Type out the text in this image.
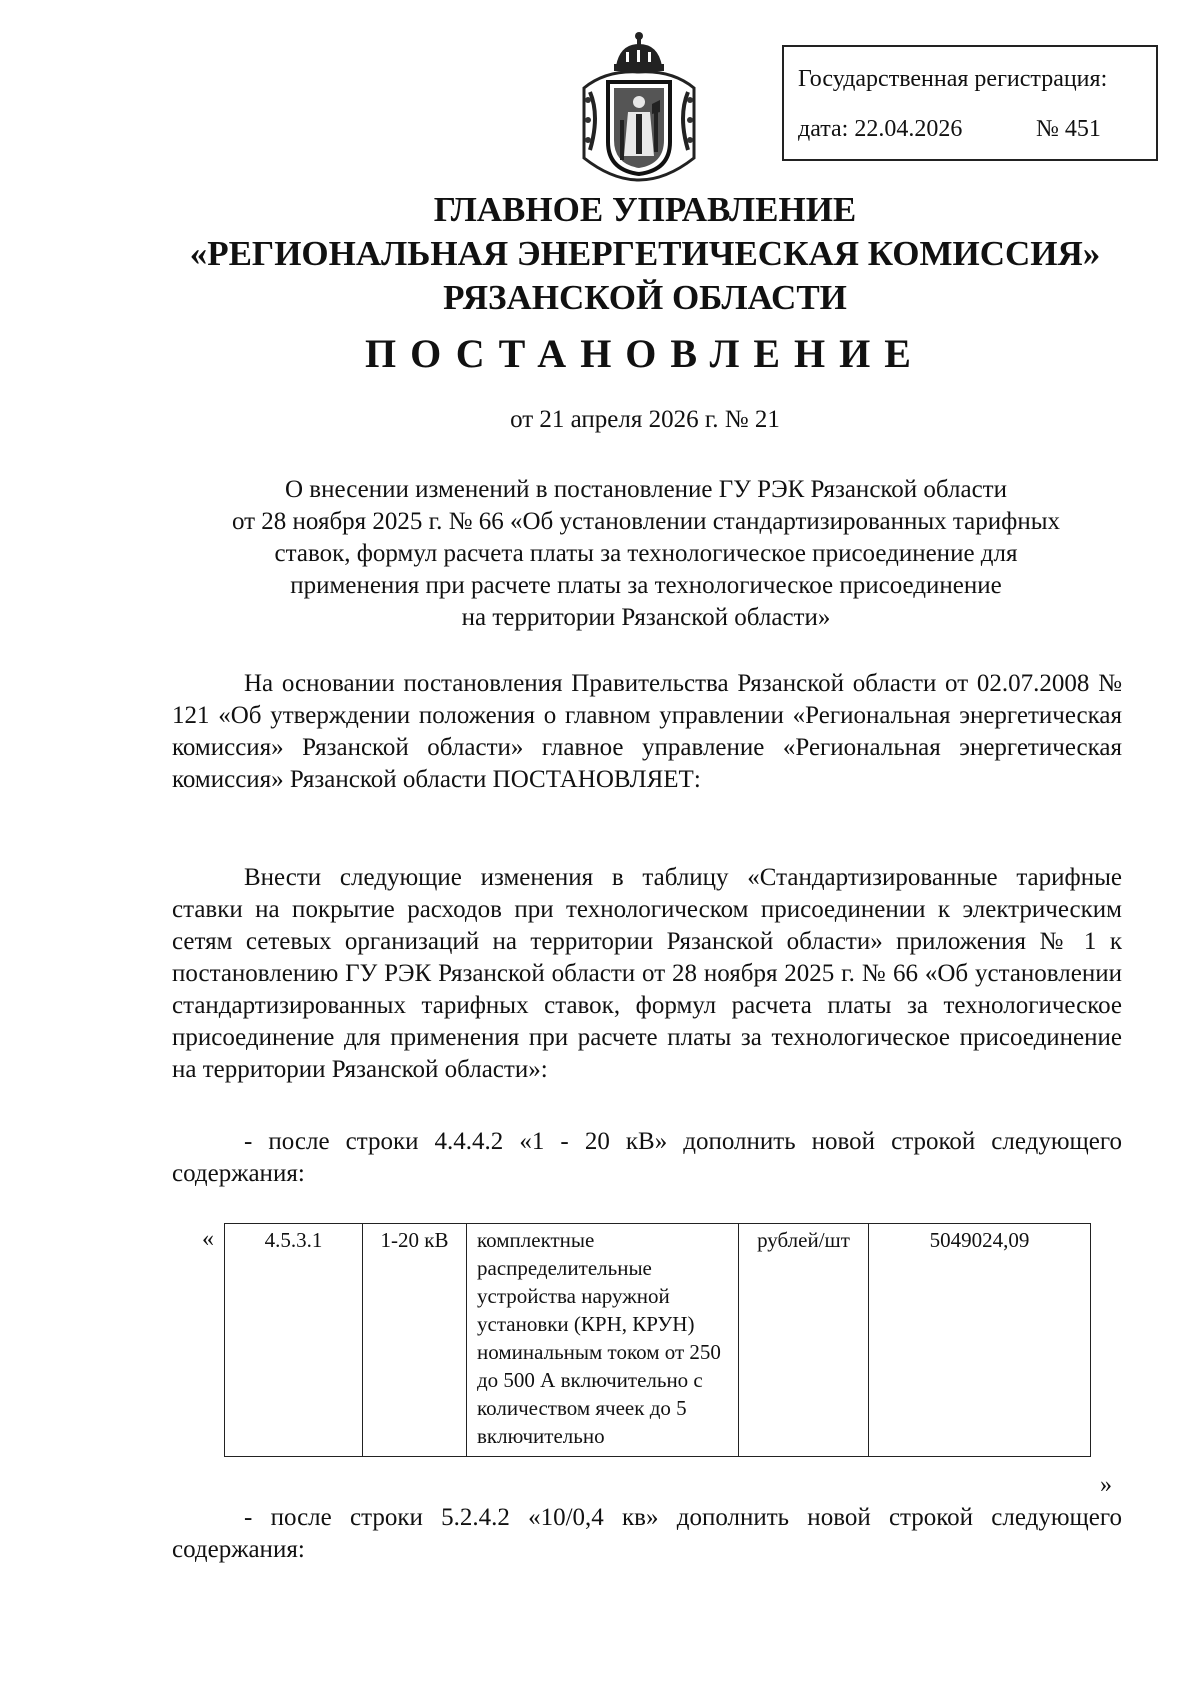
Государственная регистрация:
дата: 22.04.2026	№ 451
ГЛАВНОЕ УПРАВЛЕНИЕ
«РЕГИОНАЛЬНАЯ ЭНЕРГЕТИЧЕСКАЯ КОМИССИЯ»
РЯЗАНСКОЙ ОБЛАСТИ
ПОСТАНОВЛЕНИЕ
от 21 апреля 2026 г. № 21
О внесении изменений в постановление ГУ РЭК Рязанской области
от 28 ноября 2025 г. № 66 «Об установлении стандартизированных тарифных
ставок, формул расчета платы за технологическое присоединение для
применения при расчете платы за технологическое присоединение
на территории Рязанской области»

На основании постановления Правительства Рязанской области от 02.07.2008 № 121 «Об утверждении положения о главном управлении «Региональная энергетическая комиссия» Рязанской области» главное управление «Региональная энергетическая комиссия» Рязанской области ПОСТАНОВЛЯЕТ:

Внести следующие изменения в таблицу «Стандартизированные тарифные ставки на покрытие расходов при технологическом присоединении к электрическим сетям сетевых организаций на территории Рязанской области» приложения № 1 к постановлению ГУ РЭК Рязанской области от 28 ноября 2025 г. № 66 «Об установлении стандартизированных тарифных ставок, формул расчета платы за технологическое присоединение для применения при расчете платы за технологическое присоединение на территории Рязанской области»:

- после строки 4.4.4.2 «1 - 20 кВ» дополнить новой строкой следующего содержания:

« 4.5.3.1	1-20 кВ	комплектные распределительные устройства наружной установки (КРН, КРУН) номинальным током от 250 до 500 А включительно с количеством ячеек до 5 включительно	рублей/шт	5049024,09
»

- после строки 5.2.4.2 «10/0,4 кв» дополнить новой строкой следующего содержания:
